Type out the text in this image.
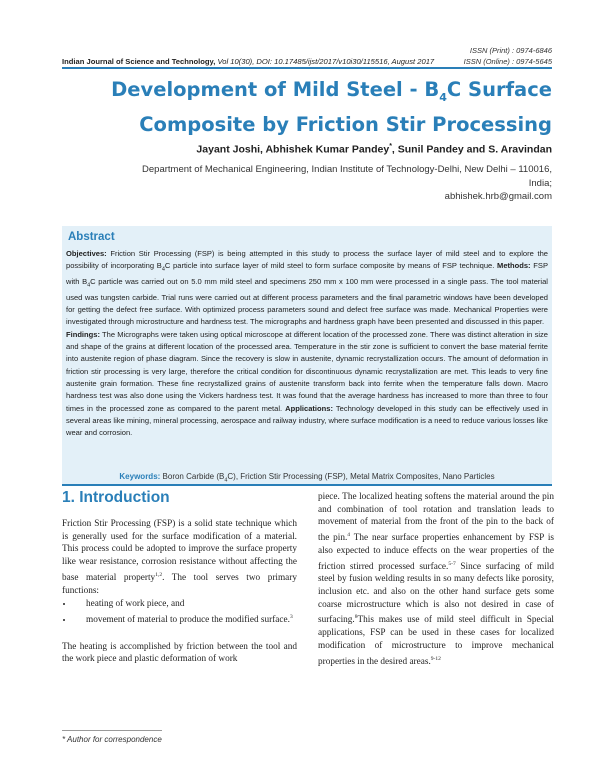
ISSN (Print) : 0974-6846
ISSN (Online) : 0974-5645
Indian Journal of Science and Technology, Vol 10(30), DOI: 10.17485/ijst/2017/v10i30/115516, August 2017
Development of Mild Steel - $B_4C$ Surface
Composite by Friction Stir Processing
Jayant Joshi, Abhishek Kumar Pandey*, Sunil Pandey and S. Aravindan
Department of Mechanical Engineering, Indian Institute of Technology-Delhi, New Delhi – 110016, India;
abhishek.hrb@gmail.com
Abstract
Objectives: Friction Stir Processing (FSP) is being attempted in this study to process the surface layer of mild steel and to explore the possibility of incorporating $B_4C$ particle into surface layer of mild steel to form surface composite by means of FSP technique. Methods: FSP with $B_4C$ particle was carried out on 5.0 mm mild steel and specimens 250 mm x 100 mm were processed in a single pass. The tool material used was tungsten carbide. Trial runs were carried out at different process parameters and the final parametric windows have been developed for getting the defect free surface. With optimized process parameters sound and defect free surface was made. Mechanical Properties were investigated through microstructure and hardness test. The micrographs and hardness graph have been presented and discussed in this paper.
Findings: The Micrographs were taken using optical microscope at different location of the processed zone. There was distinct alteration in size and shape of the grains at different location of the processed area. Temperature in the stir zone is sufficient to convert the base material ferrite into austenite region of phase diagram. Since the recovery is slow in austenite, dynamic recrystallization occurs. The amount of deformation in friction stir processing is very large, therefore the critical condition for discontinuous dynamic recrystallization are met. This leads to very fine austenite grain formation. These fine recrystallized grains of austenite transform back into ferrite when the temperature falls down. Macro hardness test was also done using the Vickers hardness test. It was found that the average hardness has increased to more than three to four times in the processed zone as compared to the parent metal. Applications: Technology developed in this study can be effectively used in several areas like mining, mineral processing, aerospace and railway industry, where surface modification is a need to reduce various losses like wear and corrosion.
Keywords: Boron Carbide $(B_4C)$, Friction Stir Processing (FSP), Metal Matrix Composites, Nano Particles
1. Introduction

Friction Stir Processing (FSP) is a solid state technique which is generally used for the surface modification of a material. This process could be adopted to improve the surface property like wear resistance, corrosion resistance without affecting the base material property$^{1,2}$. The tool serves two primary functions:

• heating of work piece, and
• movement of material to produce the modified surface.$^3$

The heating is accomplished by friction between the tool and the work piece and plastic deformation of work

piece. The localized heating softens the material around the pin and combination of tool rotation and translation leads to movement of material from the front of the pin to the back of the pin.$^4$ The near surface properties enhancement by FSP is also expected to induce effects on the wear properties of the friction stirred processed surface.$^{5-7}$ Since surfacing of mild steel by fusion welding results in so many defects like porosity, inclusion etc. and also on the other hand surface gets some coarse microstructure which is also not desired in case of surfacing.$^8$This makes use of mild steel difficult in Special applications, FSP can be used in these cases for localized modification of microstructure to improve mechanical properties in the desired areas.$^{9-12}$

* Author for correspondence
